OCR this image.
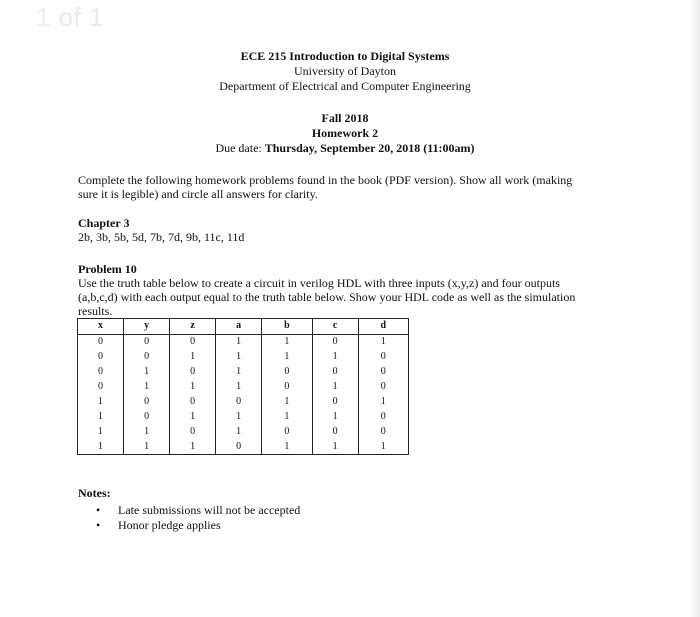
1 of 1
ECE 215 Introduction to Digital Systems
University of Dayton
Department of Electrical and Computer Engineering
Fall 2018
Homework 2
Due date: Thursday, September 20, 2018 (11:00am)
Complete the following homework problems found in the book (PDF version). Show all work (making
sure it is legible) and circle all answers for clarity.
Chapter 3
2b, 3b, 5b, 5d, 7b, 7d, 9b, 11c, 11d
Problem 10
Use the truth table below to create a circuit in verilog HDL with three inputs (x,y,z) and four outputs
(a,b,c,d) with each output equal to the truth table below. Show your HDL code as well as the simulation
results.
x	y	z	a	b	c	d
0	0	0	1	1	0	1
0	0	1	1	1	1	0
0	1	0	1	0	0	0
0	1	1	1	0	1	0
1	0	0	0	1	0	1
1	0	1	1	1	1	0
1	1	0	1	0	0	0
1	1	1	0	1	1	1
Notes:
• Late submissions will not be accepted
• Honor pledge applies
